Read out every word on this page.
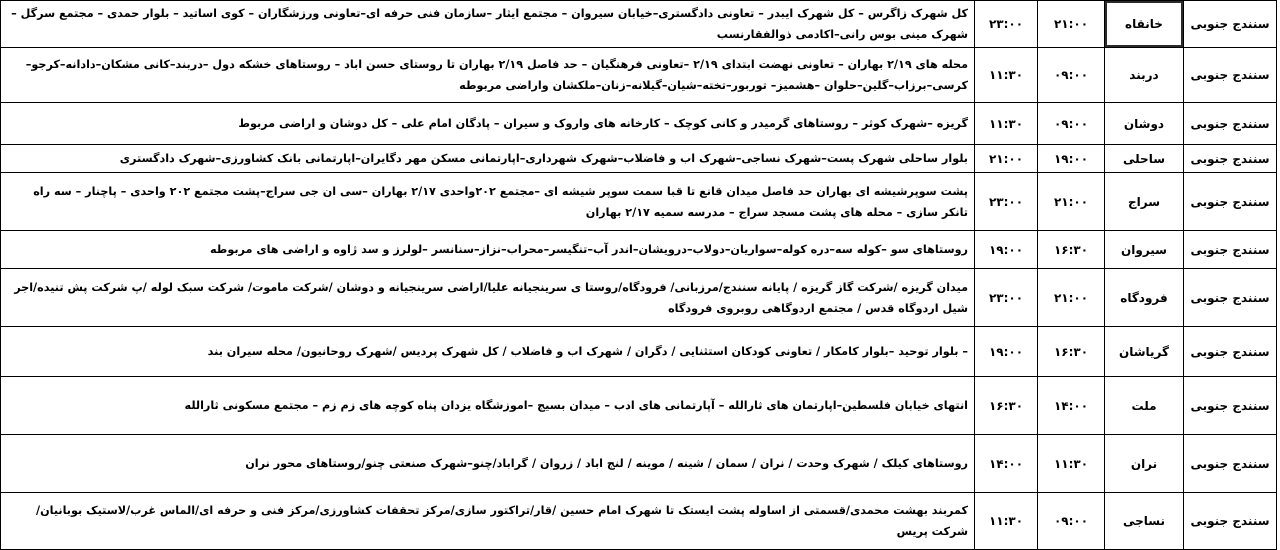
سنندج جنوبی	خانقاه	۲۱:۰۰	۲۳:۰۰	کل شهرک زاگرس – کل شهرک ایبدر – تعاونی دادگستری–خیابان سیروان – مجتمع ایثار –سازمان فنی حرفه ای–تعاونی ورزشگاران – کوی اساتید – بلوار حمدی – مجتمع سرگل – شهرک مینی بوس رانی–اکادمی ذوالفقارنسب
سنندج جنوبی	دربند	۰۹:۰۰	۱۱:۳۰	محله های ۲/۱۹ بهاران – تعاونی نهضت ابتدای ۲/۱۹ –تعاونی فرهنگیان – حد فاصل ۲/۱۹ بهاران تا روستای حسن اباد – روستاهای خشکه دول –دربند–کانی مشکان–دادانه–کرجو–کرسی–برزاب–گلین–حلوان –هشمیز– توربور–تخته–شیان–گیلانه–زنان–ملکشان واراضی مربوطه
سنندج جنوبی	دوشان	۰۹:۰۰	۱۱:۳۰	گریزه –شهرک کوثر – روستاهای گرمیدر و کانی کوچک – کارخانه های واروک و سیران – پادگان امام علی – کل دوشان و اراضی مربوط
سنندج جنوبی	ساحلی	۱۹:۰۰	۲۱:۰۰	بلوار ساحلی شهرک پست–شهرک نساجی–شهرک اب و فاضلاب–شهرک شهرداری–اپارتمانی مسکن مهر دگایران–اپارتمانی بانک کشاورزی–شهرک دادگستری
سنندج جنوبی	سراج	۲۱:۰۰	۲۳:۰۰	پشت سوپرشیشه ای بهاران حد فاصل میدان قانع تا قبا سمت سوپر شیشه ای –مجتمع ۲۰۲واحدی ۲/۱۷ بهاران –سی ان جی سراج–پشت مجتمع ۲۰۲ واحدی – پاچنار – سه راه تانکر سازی – محله های پشت مسجد سراج – مدرسه سمیه ۲/۱۷ بهاران
سنندج جنوبی	سیروان	۱۶:۳۰	۱۹:۰۰	روستاهای سو –کوله سه–دره کوله–سواریان–دولاب–درویشان–اندر آب–تنگیسر–محراب–نزاز–سنانسر –لولرز و سد ژاوه و اراضی های مربوطه
سنندج جنوبی	فرودگاه	۲۱:۰۰	۲۳:۰۰	میدان گریزه /شرکت گاز گریزه / پایانه سنندج/مرزبانی/ فرودگاه/روستا ی سرینجیانه علیا/اراضی سرینجیانه و دوشان /شرکت ماموت/ شرکت سبک لوله /پ شرکت پش تنیده/اجر شیل اردوگاه قدس / مجتمع اردوگاهی روبروی فرودگاه
سنندج جنوبی	گریاشان	۱۶:۳۰	۱۹:۰۰	– بلوار توحید –بلوار کامکار / تعاونی کودکان استثنایی / دگران / شهرک اب و فاضلاب / کل شهرک پردیس /شهرک روحانیون/ محله سیران بند
سنندج جنوبی	ملت	۱۴:۰۰	۱۶:۳۰	انتهای خیابان فلسطین–اپارتمان های ثارالله – آپارتمانی های ادب – میدان بسیج –اموزشگاه یزدان پناه کوچه های زم زم – مجتمع مسکونی ثارالله
سنندج جنوبی	نران	۱۱:۳۰	۱۴:۰۰	روستاهای کیلک / شهرک وحدت / نران / سمان / شینه / موینه / لنج اباد / زروان / گراباد/چنو–شهرک صنعتی چنو/روستاهای محور نران
سنندج جنوبی	نساجی	۰۹:۰۰	۱۱:۳۰	کمربند بهشت محمدی/قسمتی از اساوله پشت ایستک تا شهرک امام حسین /قار/تراکتور سازی/مرکز تحقفات کشاورزی/مرکز فنی و حرفه ای/الماس غرب/لاستیک بوبانیان/شرکت پریس
